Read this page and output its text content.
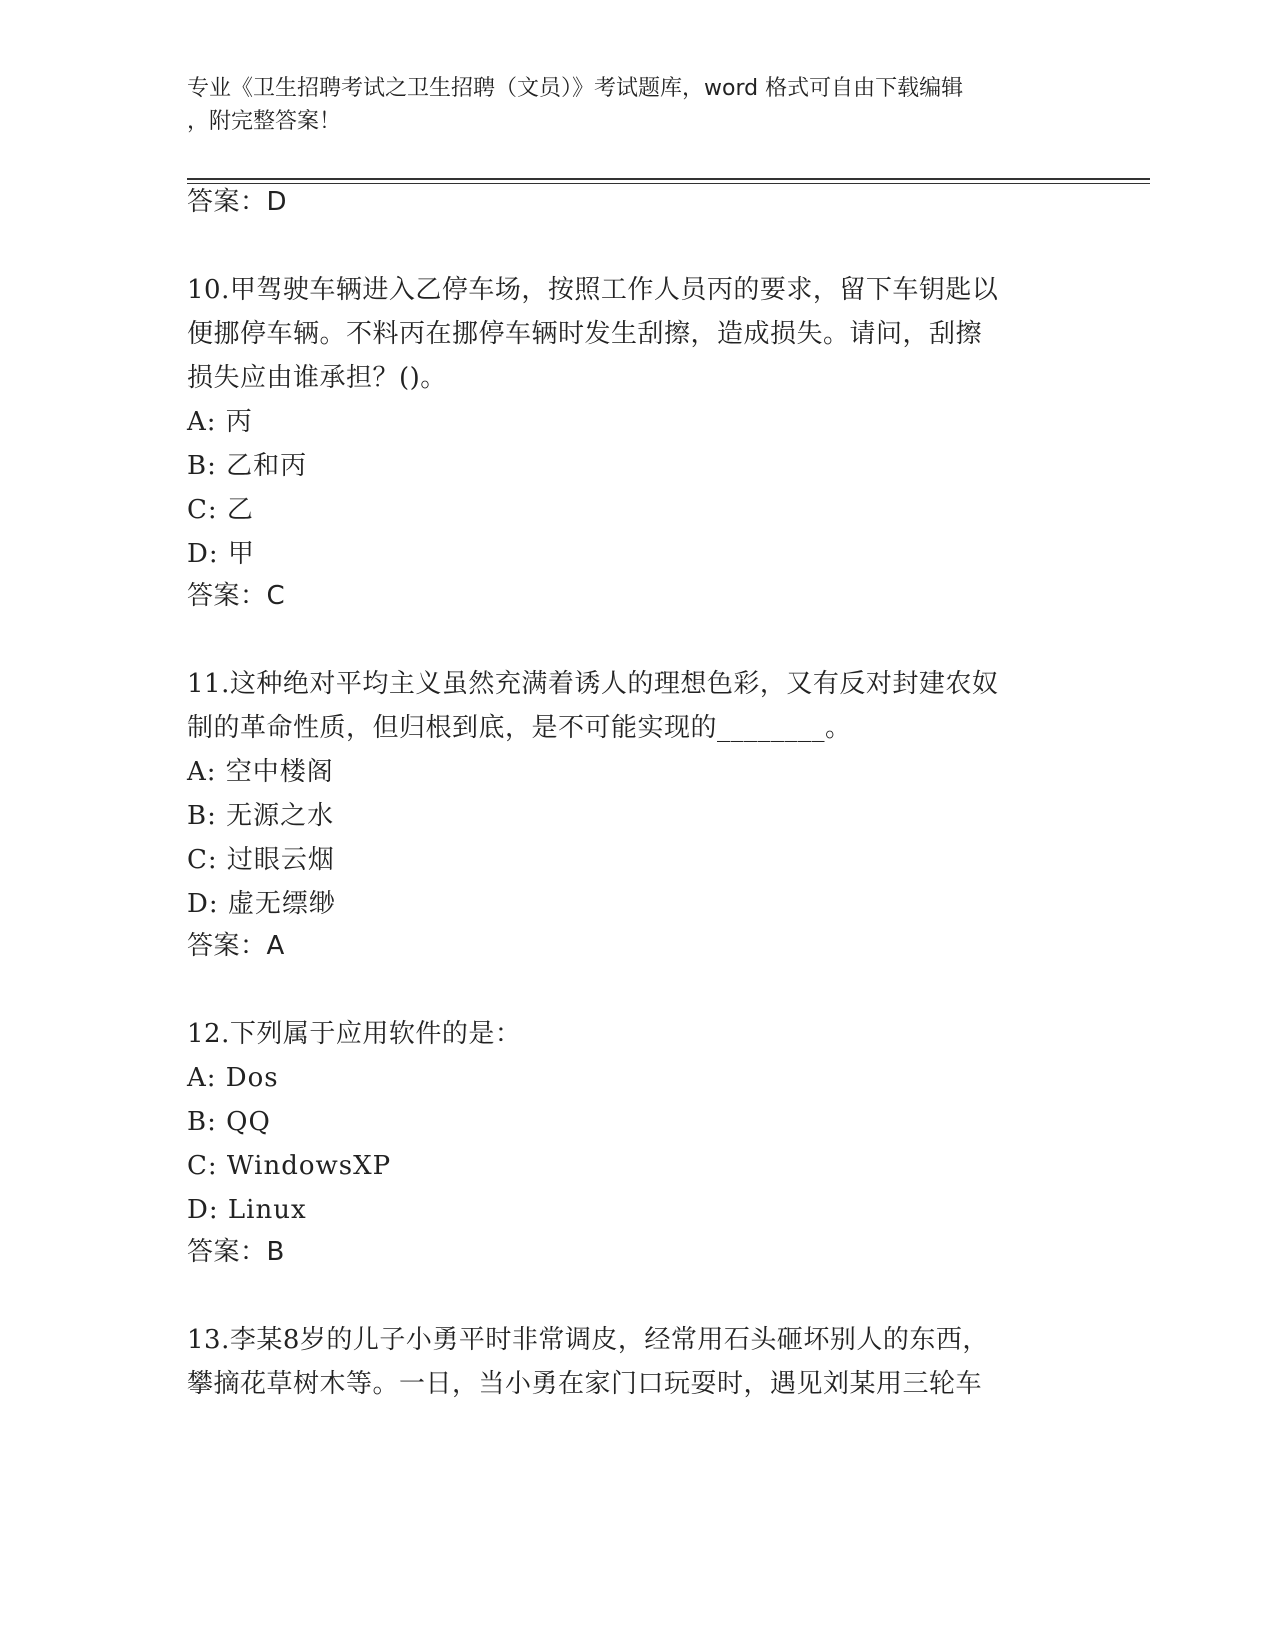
专业《卫生招聘考试之卫生招聘（文员）》考试题库，word 格式可自由下载编辑
，附完整答案！
答案：D
10.甲驾驶车辆进入乙停车场，按照工作人员丙的要求，留下车钥匙以
便挪停车辆。不料丙在挪停车辆时发生刮擦，造成损失。请问，刮擦
损失应由谁承担？()。
A: 丙
B: 乙和丙
C: 乙
D: 甲
答案：C
11.这种绝对平均主义虽然充满着诱人的理想色彩，又有反对封建农奴
制的革命性质，但归根到底，是不可能实现的________。
A: 空中楼阁
B: 无源之水
C: 过眼云烟
D: 虚无缥缈
答案：A
12.下列属于应用软件的是：
A: Dos
B: QQ
C: WindowsXP
D: Linux
答案：B
13.李某8岁的儿子小勇平时非常调皮，经常用石头砸坏别人的东西，
攀摘花草树木等。一日，当小勇在家门口玩耍时，遇见刘某用三轮车
